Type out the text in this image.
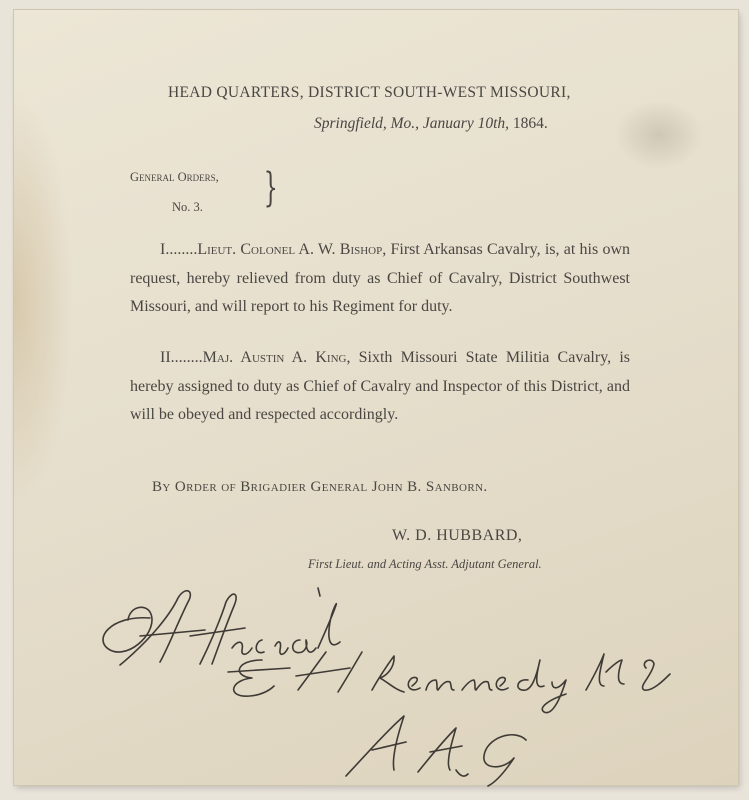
HEAD QUARTERS, DISTRICT SOUTH-WEST MISSOURI,
Springfield, Mo., January 10th, 1864.
General Orders,
No. 3. }
I........Lieut. Colonel A. W. Bishop, First Arkansas Cavalry, is, at his own request, hereby relieved from duty as Chief of Cavalry, District Southwest Missouri, and will report to his Regiment for duty.
II........Maj. Austin A. King, Sixth Missouri State Militia Cavalry, is hereby assigned to duty as Chief of Cavalry and Inspector of this District, and will be obeyed and respected accordingly.
By Order of Brigadier General John B. Sanborn.
W. D. HUBBARD,
First Lieut. and Acting Asst. Adjutant General.
